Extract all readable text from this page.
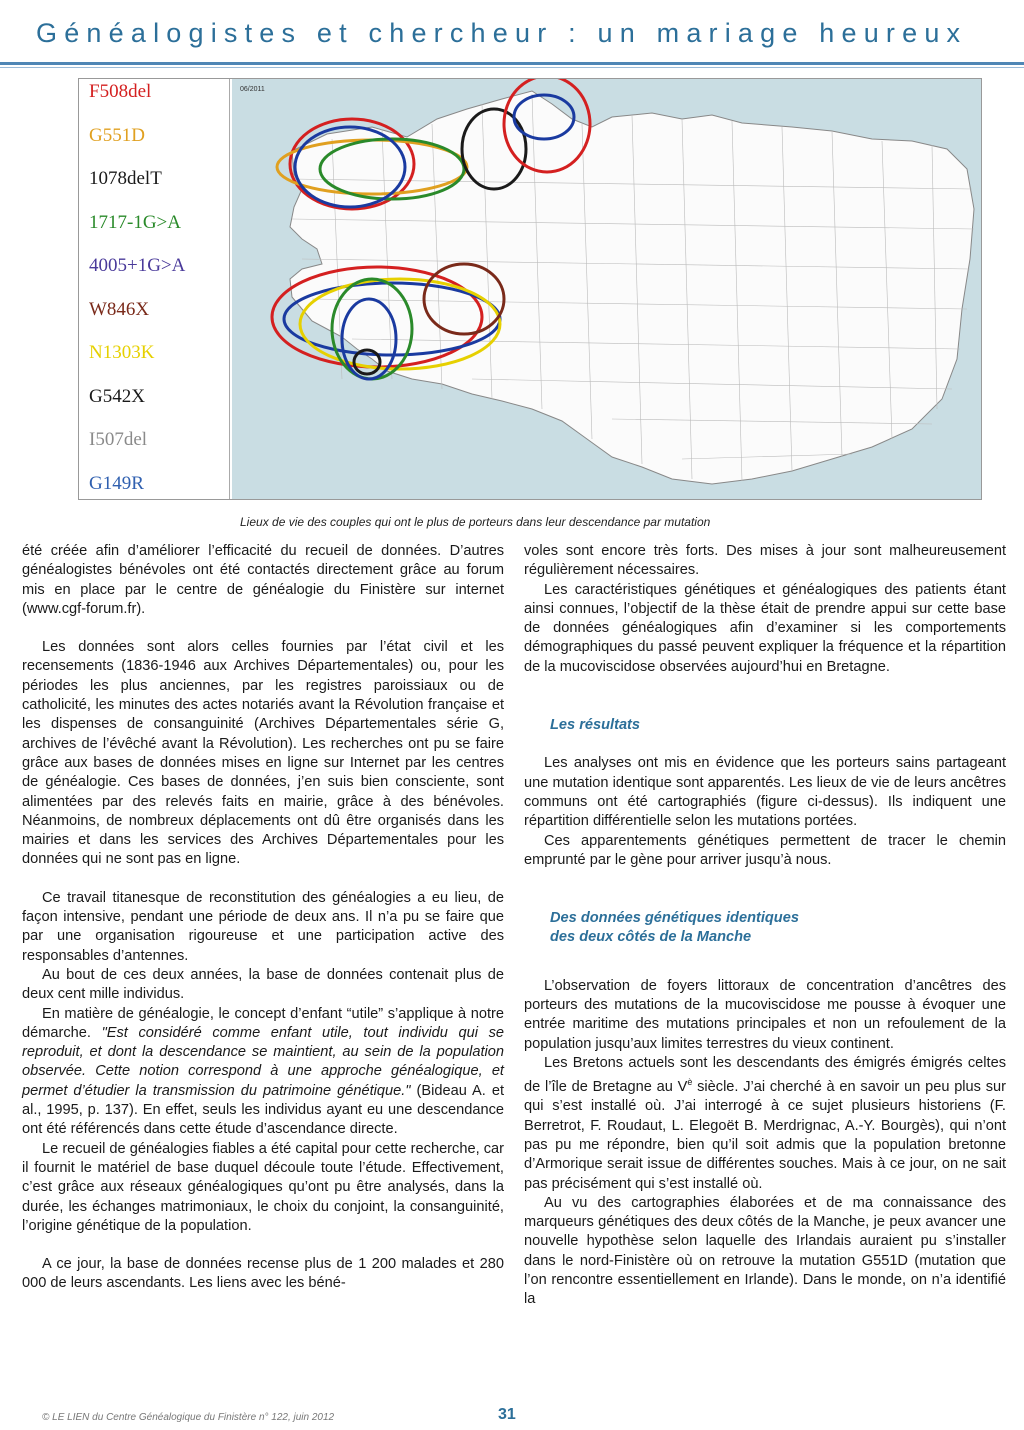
Généalogistes et chercheur : un mariage heureux
F508del
G551D
1078delT
1717-1G>A
4005+1G>A
W846X
N1303K
G542X
I507del
G149R
06/2011
Lieux de vie des couples qui ont le plus de porteurs dans leur descendance par mutation

été créée afin d’améliorer l’efficacité du recueil de données. D’autres généalogistes bénévoles ont été contactés directement grâce au forum mis en place par le centre de généalogie du Finistère sur internet (www.cgf-forum.fr).

Les données sont alors celles fournies par l’état civil et les recensements (1836-1946 aux Archives Départementales) ou, pour les périodes les plus anciennes, par les registres paroissiaux ou de catholicité, les minutes des actes notariés avant la Révolution française et les dispenses de consanguinité (Archives Départementales série G, archives de l’évêché avant la Révolution). Les recherches ont pu se faire grâce aux bases de données mises en ligne sur Internet par les centres de généalogie. Ces bases de données, j’en suis bien consciente, sont alimentées par des relevés faits en mairie, grâce à des bénévoles. Néanmoins, de nombreux déplacements ont dû être organisés dans les mairies et dans les services des Archives Départementales pour les données qui ne sont pas en ligne.

Ce travail titanesque de reconstitution des généalogies a eu lieu, de façon intensive, pendant une période de deux ans. Il n’a pu se faire que par une organisation rigoureuse et une participation active des responsables d’antennes.

Au bout de ces deux années, la base de données contenait plus de deux cent mille individus.

En matière de généalogie, le concept d’enfant “utile” s’applique à notre démarche. "Est considéré comme enfant utile, tout individu qui se reproduit, et dont la descendance se maintient, au sein de la population observée. Cette notion correspond à une approche généalogique, et permet d’étudier la transmission du patrimoine génétique." (Bideau A. et al., 1995, p. 137). En effet, seuls les individus ayant eu une descendance ont été référencés dans cette étude d’ascendance directe.

Le recueil de généalogies fiables a été capital pour cette recherche, car il fournit le matériel de base duquel découle toute l’étude. Effectivement, c’est grâce aux réseaux généalogiques qu’ont pu être analysés, dans la durée, les échanges matrimoniaux, le choix du conjoint, la consanguinité, l’origine génétique de la population.

A ce jour, la base de données recense plus de 1 200 malades et 280 000 de leurs ascendants. Les liens avec les béné-

voles sont encore très forts. Des mises à jour sont malheureusement régulièrement nécessaires.

Les caractéristiques génétiques et généalogiques des patients étant ainsi connues, l’objectif de la thèse était de prendre appui sur cette base de données généalogiques afin d’examiner si les comportements démographiques du passé peuvent expliquer la fréquence et la répartition de la mucoviscidose observées aujourd’hui en Bretagne.

Les résultats

Les analyses ont mis en évidence que les porteurs sains partageant une mutation identique sont apparentés. Les lieux de vie de leurs ancêtres communs ont été cartographiés (figure ci-dessus). Ils indiquent une répartition différentielle selon les mutations portées.

Ces apparentements génétiques permettent de tracer le chemin emprunté par le gène pour arriver jusqu’à nous.

Des données génétiques identiques
des deux côtés de la Manche

L’observation de foyers littoraux de concentration d’ancêtres des porteurs des mutations de la mucoviscidose me pousse à évoquer une entrée maritime des mutations principales et non un refoulement de la population jusqu’aux limites terrestres du vieux continent.

Les Bretons actuels sont les descendants des émigrés émigrés celtes de l’île de Bretagne au $V^è$ siècle. J’ai cherché à en savoir un peu plus sur qui s’est installé où. J’ai interrogé à ce sujet plusieurs historiens (F. Berretrot, F. Roudaut, L. Elegoët B. Merdrignac, A.-Y. Bourgès), qui n’ont pas pu me répondre, bien qu’il soit admis que la population bretonne d’Armorique serait issue de différentes souches. Mais à ce jour, on ne sait pas précisément qui s’est installé où.

Au vu des cartographies élaborées et de ma connaissance des marqueurs génétiques des deux côtés de la Manche, je peux avancer une nouvelle hypothèse selon laquelle des Irlandais auraient pu s’installer dans le nord-Finistère où on retrouve la mutation G551D (mutation que l’on rencontre essentiellement en Irlande). Dans le monde, on n’a identifié la

© LE LIEN du Centre Généalogique du Finistère n° 122, juin 2012	31
